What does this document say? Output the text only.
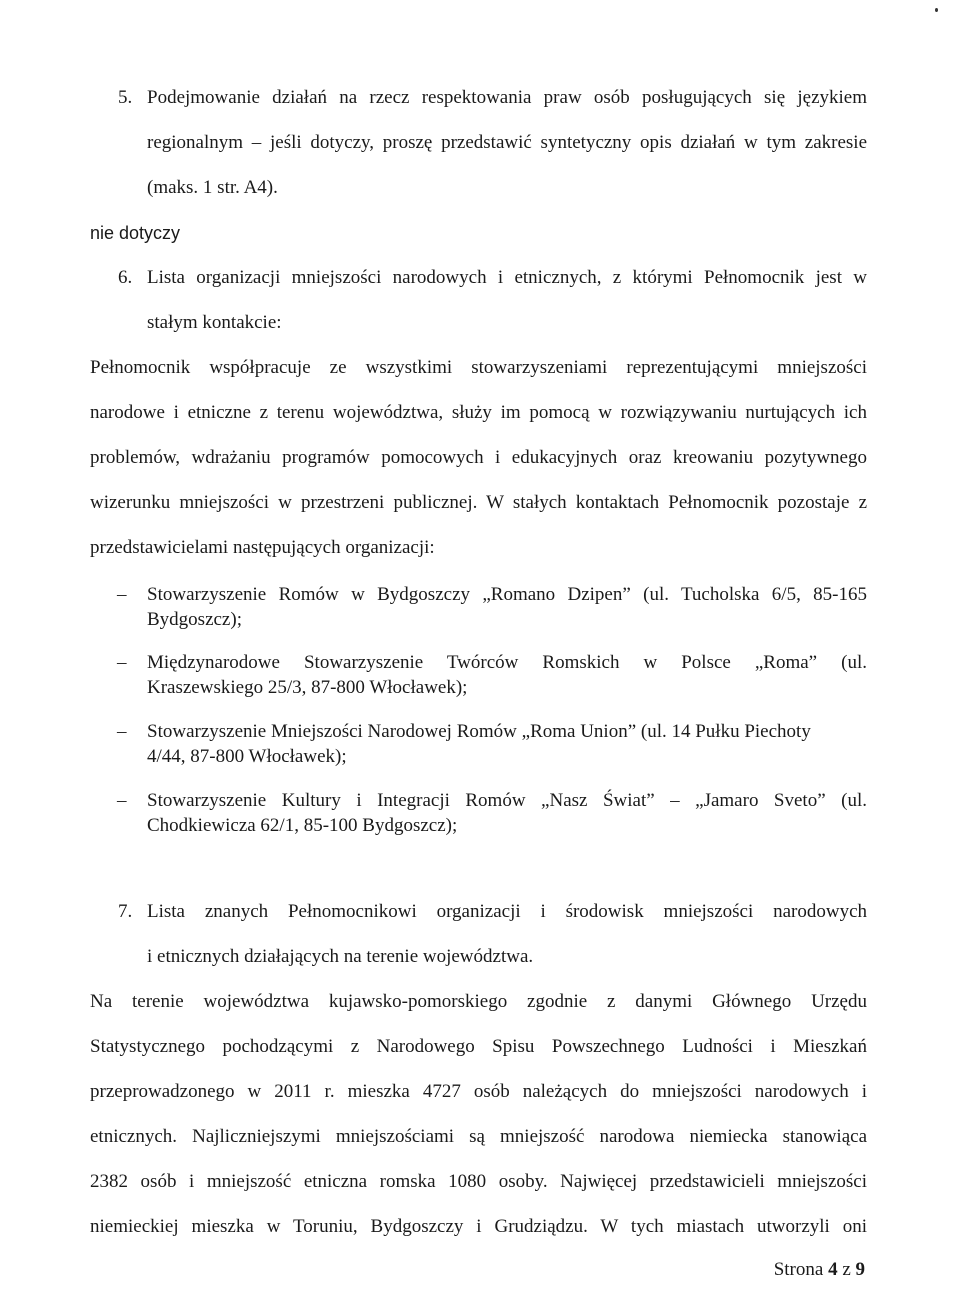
5. Podejmowanie działań na rzecz respektowania praw osób posługujących się językiem
regionalnym – jeśli dotyczy, proszę przedstawić syntetyczny opis działań w tym zakresie
(maks. 1 str. A4).
nie dotyczy
6. Lista organizacji mniejszości narodowych i etnicznych, z którymi Pełnomocnik jest w
stałym kontakcie:
Pełnomocnik współpracuje ze wszystkimi stowarzyszeniami reprezentującymi mniejszości
narodowe i etniczne z terenu województwa, służy im pomocą w rozwiązywaniu nurtujących ich
problemów, wdrażaniu programów pomocowych i edukacyjnych oraz kreowaniu pozytywnego
wizerunku mniejszości w przestrzeni publicznej. W stałych kontaktach Pełnomocnik pozostaje z
przedstawicielami następujących organizacji:
– Stowarzyszenie Romów w Bydgoszczy „Romano Dzipen” (ul. Tucholska 6/5, 85-165
Bydgoszcz);
– Międzynarodowe Stowarzyszenie Twórców Romskich w Polsce „Roma” (ul.
Kraszewskiego 25/3, 87-800 Włocławek);
– Stowarzyszenie Mniejszości Narodowej Romów „Roma Union” (ul. 14 Pułku Piechoty
4/44, 87-800 Włocławek);
– Stowarzyszenie Kultury i Integracji Romów „Nasz Świat” – „Jamaro Sveto” (ul.
Chodkiewicza 62/1, 85-100 Bydgoszcz);
7. Lista znanych Pełnomocnikowi organizacji i środowisk mniejszości narodowych
i etnicznych działających na terenie województwa.
Na terenie województwa kujawsko-pomorskiego zgodnie z danymi Głównego Urzędu
Statystycznego pochodzącymi z Narodowego Spisu Powszechnego Ludności i Mieszkań
przeprowadzonego w 2011 r. mieszka 4727 osób należących do mniejszości narodowych i
etnicznych. Najliczniejszymi mniejszościami są mniejszość narodowa niemiecka stanowiąca
2382 osób i mniejszość etniczna romska 1080 osoby. Najwięcej przedstawicieli mniejszości
niemieckiej mieszka w Toruniu, Bydgoszczy i Grudziądzu. W tych miastach utworzyli oni
Strona 4 z 9
